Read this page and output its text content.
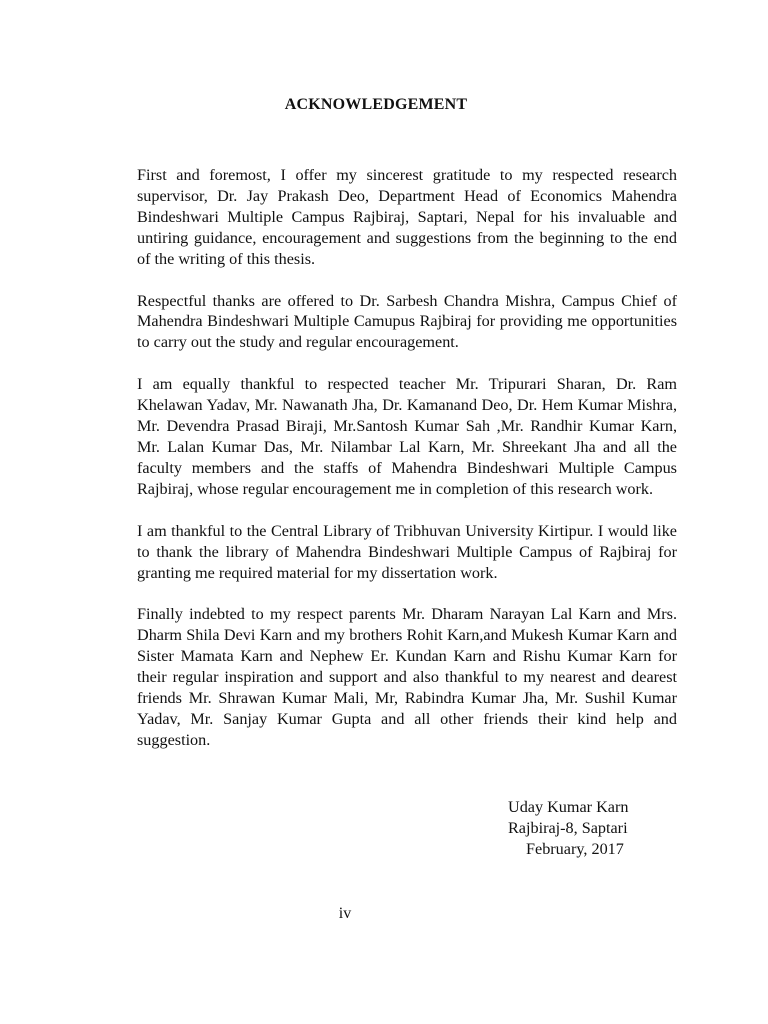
ACKNOWLEDGEMENT

First and foremost, I offer my sincerest gratitude to my respected research supervisor, Dr. Jay Prakash Deo, Department Head of Economics Mahendra Bindeshwari Multiple Campus Rajbiraj, Saptari, Nepal for his invaluable and untiring guidance, encouragement and suggestions from the beginning to the end of the writing of this thesis.

Respectful thanks are offered to Dr. Sarbesh Chandra Mishra, Campus Chief of Mahendra Bindeshwari Multiple Camupus Rajbiraj for providing me opportunities to carry out the study and regular encouragement.

I am equally thankful to respected teacher Mr. Tripurari Sharan, Dr. Ram Khelawan Yadav, Mr. Nawanath Jha, Dr. Kamanand Deo, Dr. Hem Kumar Mishra, Mr. Devendra Prasad Biraji, Mr.Santosh Kumar Sah ,Mr. Randhir Kumar Karn, Mr. Lalan Kumar Das, Mr. Nilambar Lal Karn, Mr. Shreekant Jha and all the faculty members and the staffs of Mahendra Bindeshwari Multiple Campus Rajbiraj, whose regular encouragement me in completion of this research work.

I am thankful to the Central Library of Tribhuvan University Kirtipur. I would like to thank the library of Mahendra Bindeshwari Multiple Campus of Rajbiraj for granting me required material for my dissertation work.

Finally indebted to my respect parents Mr. Dharam Narayan Lal Karn and Mrs. Dharm Shila Devi Karn and my brothers Rohit Karn,and Mukesh Kumar Karn and Sister Mamata Karn and Nephew Er. Kundan Karn and Rishu Kumar Karn for their regular inspiration and support and also thankful to my nearest and dearest friends Mr. Shrawan Kumar Mali, Mr, Rabindra Kumar Jha, Mr. Sushil Kumar Yadav, Mr. Sanjay Kumar Gupta and all other friends their kind help and suggestion.

Uday Kumar Karn
Rajbiraj-8, Saptari
February, 2017
iv
